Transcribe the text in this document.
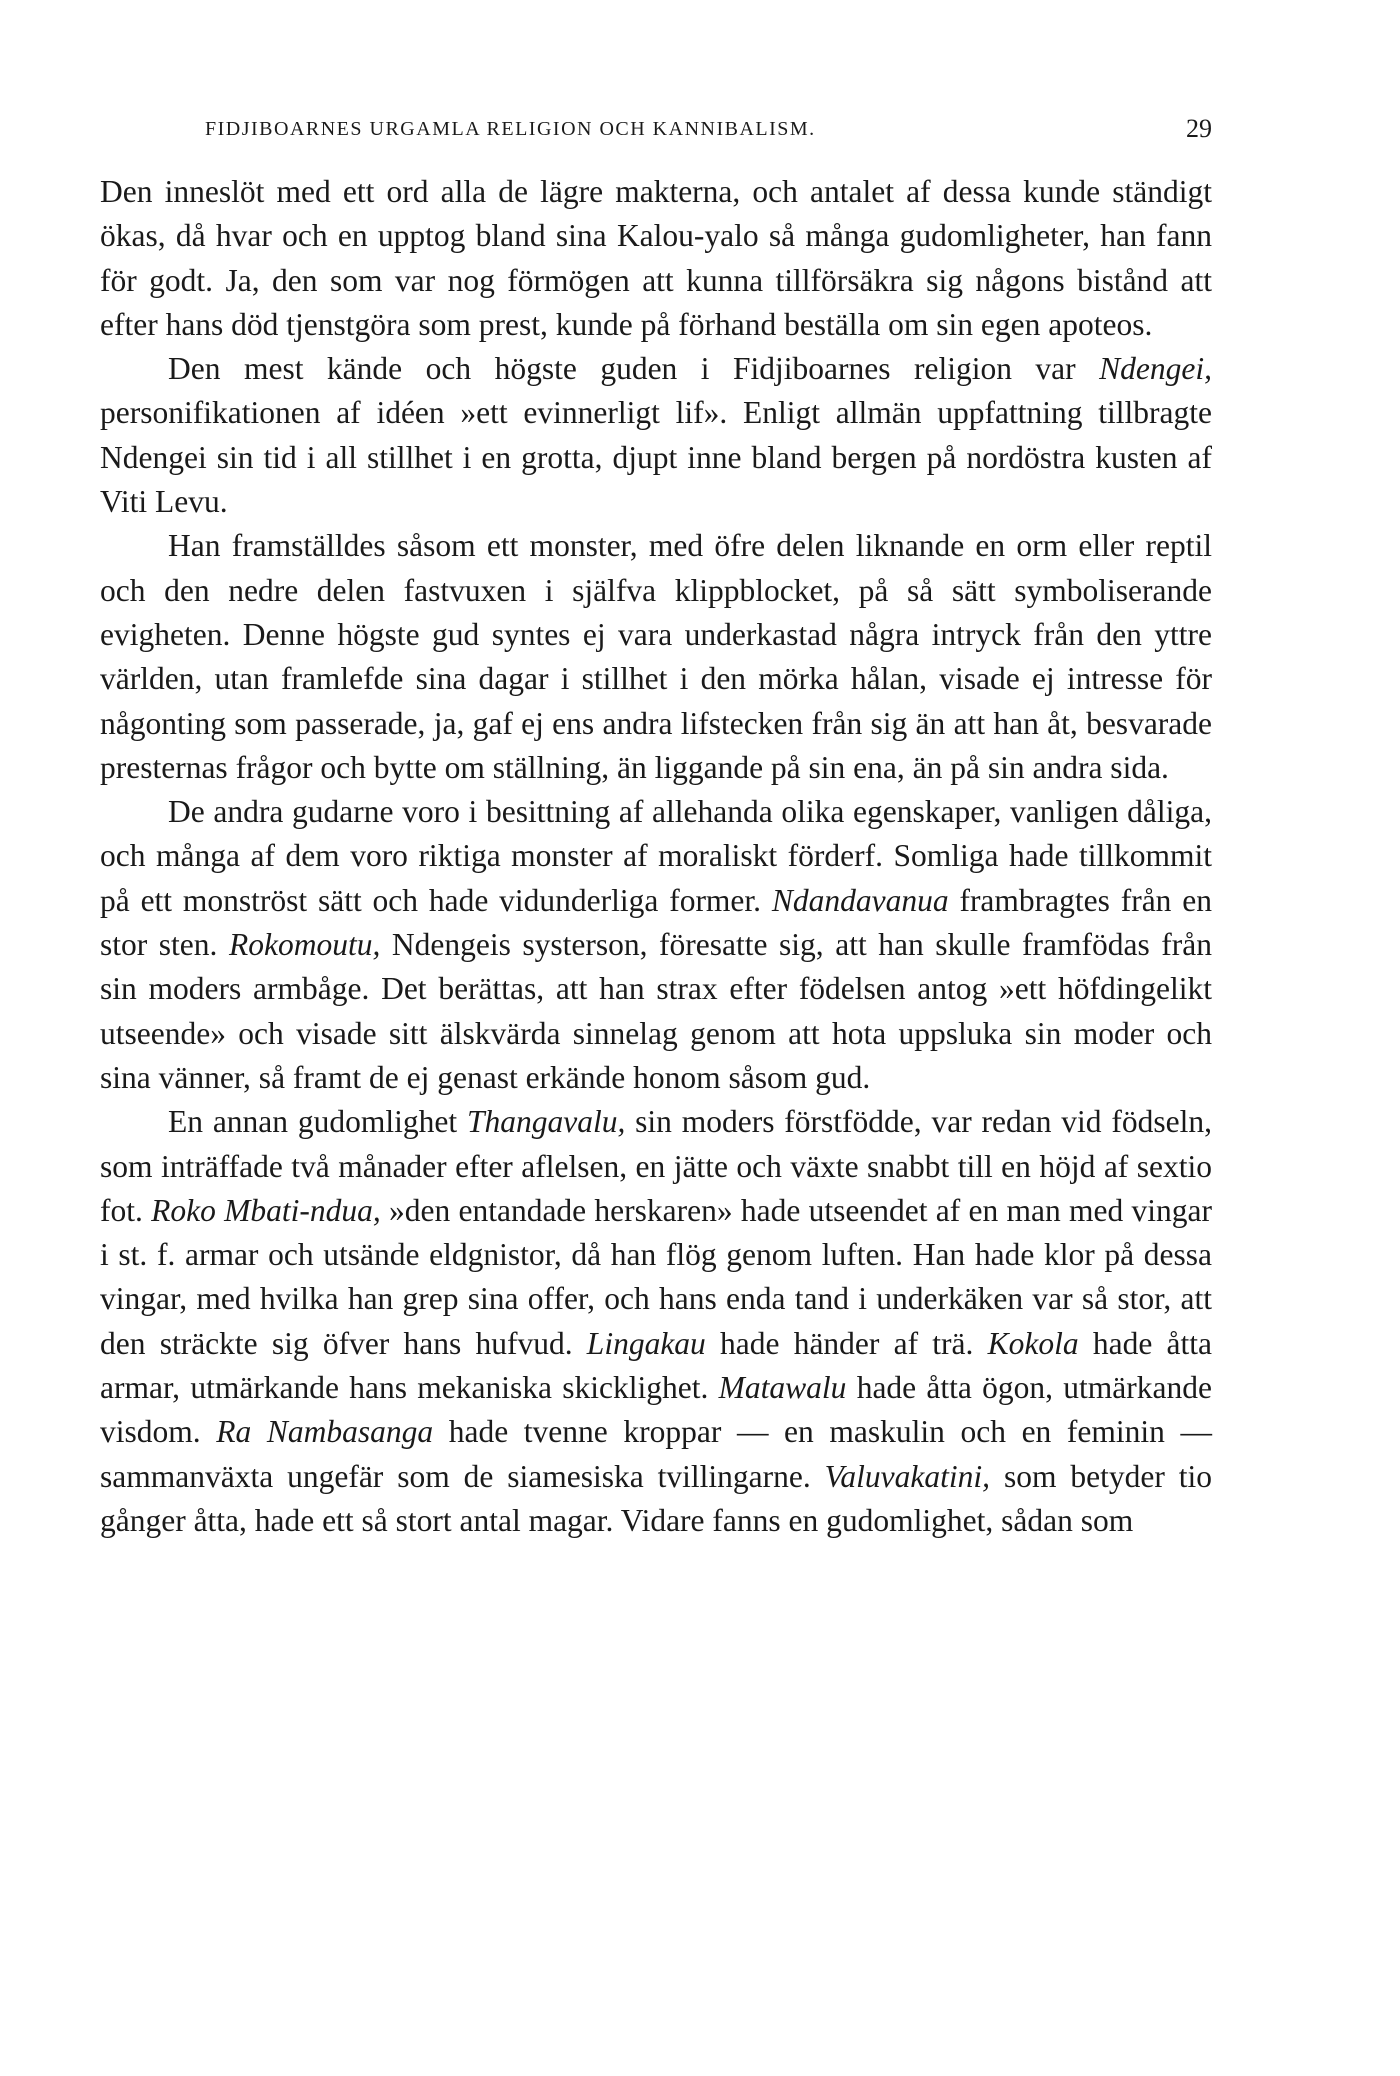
FIDJIBOARNES URGAMLA RELIGION OCH KANNIBALISM.	29

Den inneslöt med ett ord alla de lägre makterna, och antalet af dessa kunde ständigt ökas, då hvar och en upptog bland sina Kalou-yalo så många gudomligheter, han fann för godt. Ja, den som var nog förmögen att kunna tillförsäkra sig någons bistånd att efter hans död tjenstgöra som prest, kunde på förhand beställa om sin egen apoteos.

Den mest kände och högste guden i Fidjiboarnes religion var Ndengei, personifikationen af idéen »ett evinnerligt lif». Enligt allmän uppfattning tillbragte Ndengei sin tid i all stillhet i en grotta, djupt inne bland bergen på nordöstra kusten af Viti Levu.

Han framställdes såsom ett monster, med öfre delen liknande en orm eller reptil och den nedre delen fastvuxen i själfva klippblocket, på så sätt symboliserande evigheten. Denne högste gud syntes ej vara underkastad några intryck från den yttre världen, utan framlefde sina dagar i stillhet i den mörka hålan, visade ej intresse för någonting som passerade, ja, gaf ej ens andra lifstecken från sig än att han åt, besvarade presternas frågor och bytte om ställning, än liggande på sin ena, än på sin andra sida.

De andra gudarne voro i besittning af allehanda olika egenskaper, vanligen dåliga, och många af dem voro riktiga monster af moraliskt förderf. Somliga hade tillkommit på ett monströst sätt och hade vidunderliga former. Ndandavanua frambragtes från en stor sten. Rokomoutu, Ndengeis systerson, föresatte sig, att han skulle framfödas från sin moders armbåge. Det berättas, att han strax efter födelsen antog »ett höfdingelikt utseende» och visade sitt älskvärda sinnelag genom att hota uppsluka sin moder och sina vänner, så framt de ej genast erkände honom såsom gud.

En annan gudomlighet Thangavalu, sin moders förstfödde, var redan vid födseln, som inträffade två månader efter aflelsen, en jätte och växte snabbt till en höjd af sextio fot. Roko Mbati-ndua, »den entandade herskaren» hade utseendet af en man med vingar i st. f. armar och utsände eldgnistor, då han flög genom luften. Han hade klor på dessa vingar, med hvilka han grep sina offer, och hans enda tand i underkäken var så stor, att den sträckte sig öfver hans hufvud. Lingakau hade händer af trä. Kokola hade åtta armar, utmärkande hans mekaniska skicklighet. Matawalu hade åtta ögon, utmärkande visdom. Ra Nambasanga hade tvenne kroppar — en maskulin och en feminin — sammanväxta ungefär som de siamesiska tvillingarne. Valuvakatini, som betyder tio gånger åtta, hade ett så stort antal magar. Vidare fanns en gudomlighet, sådan som
